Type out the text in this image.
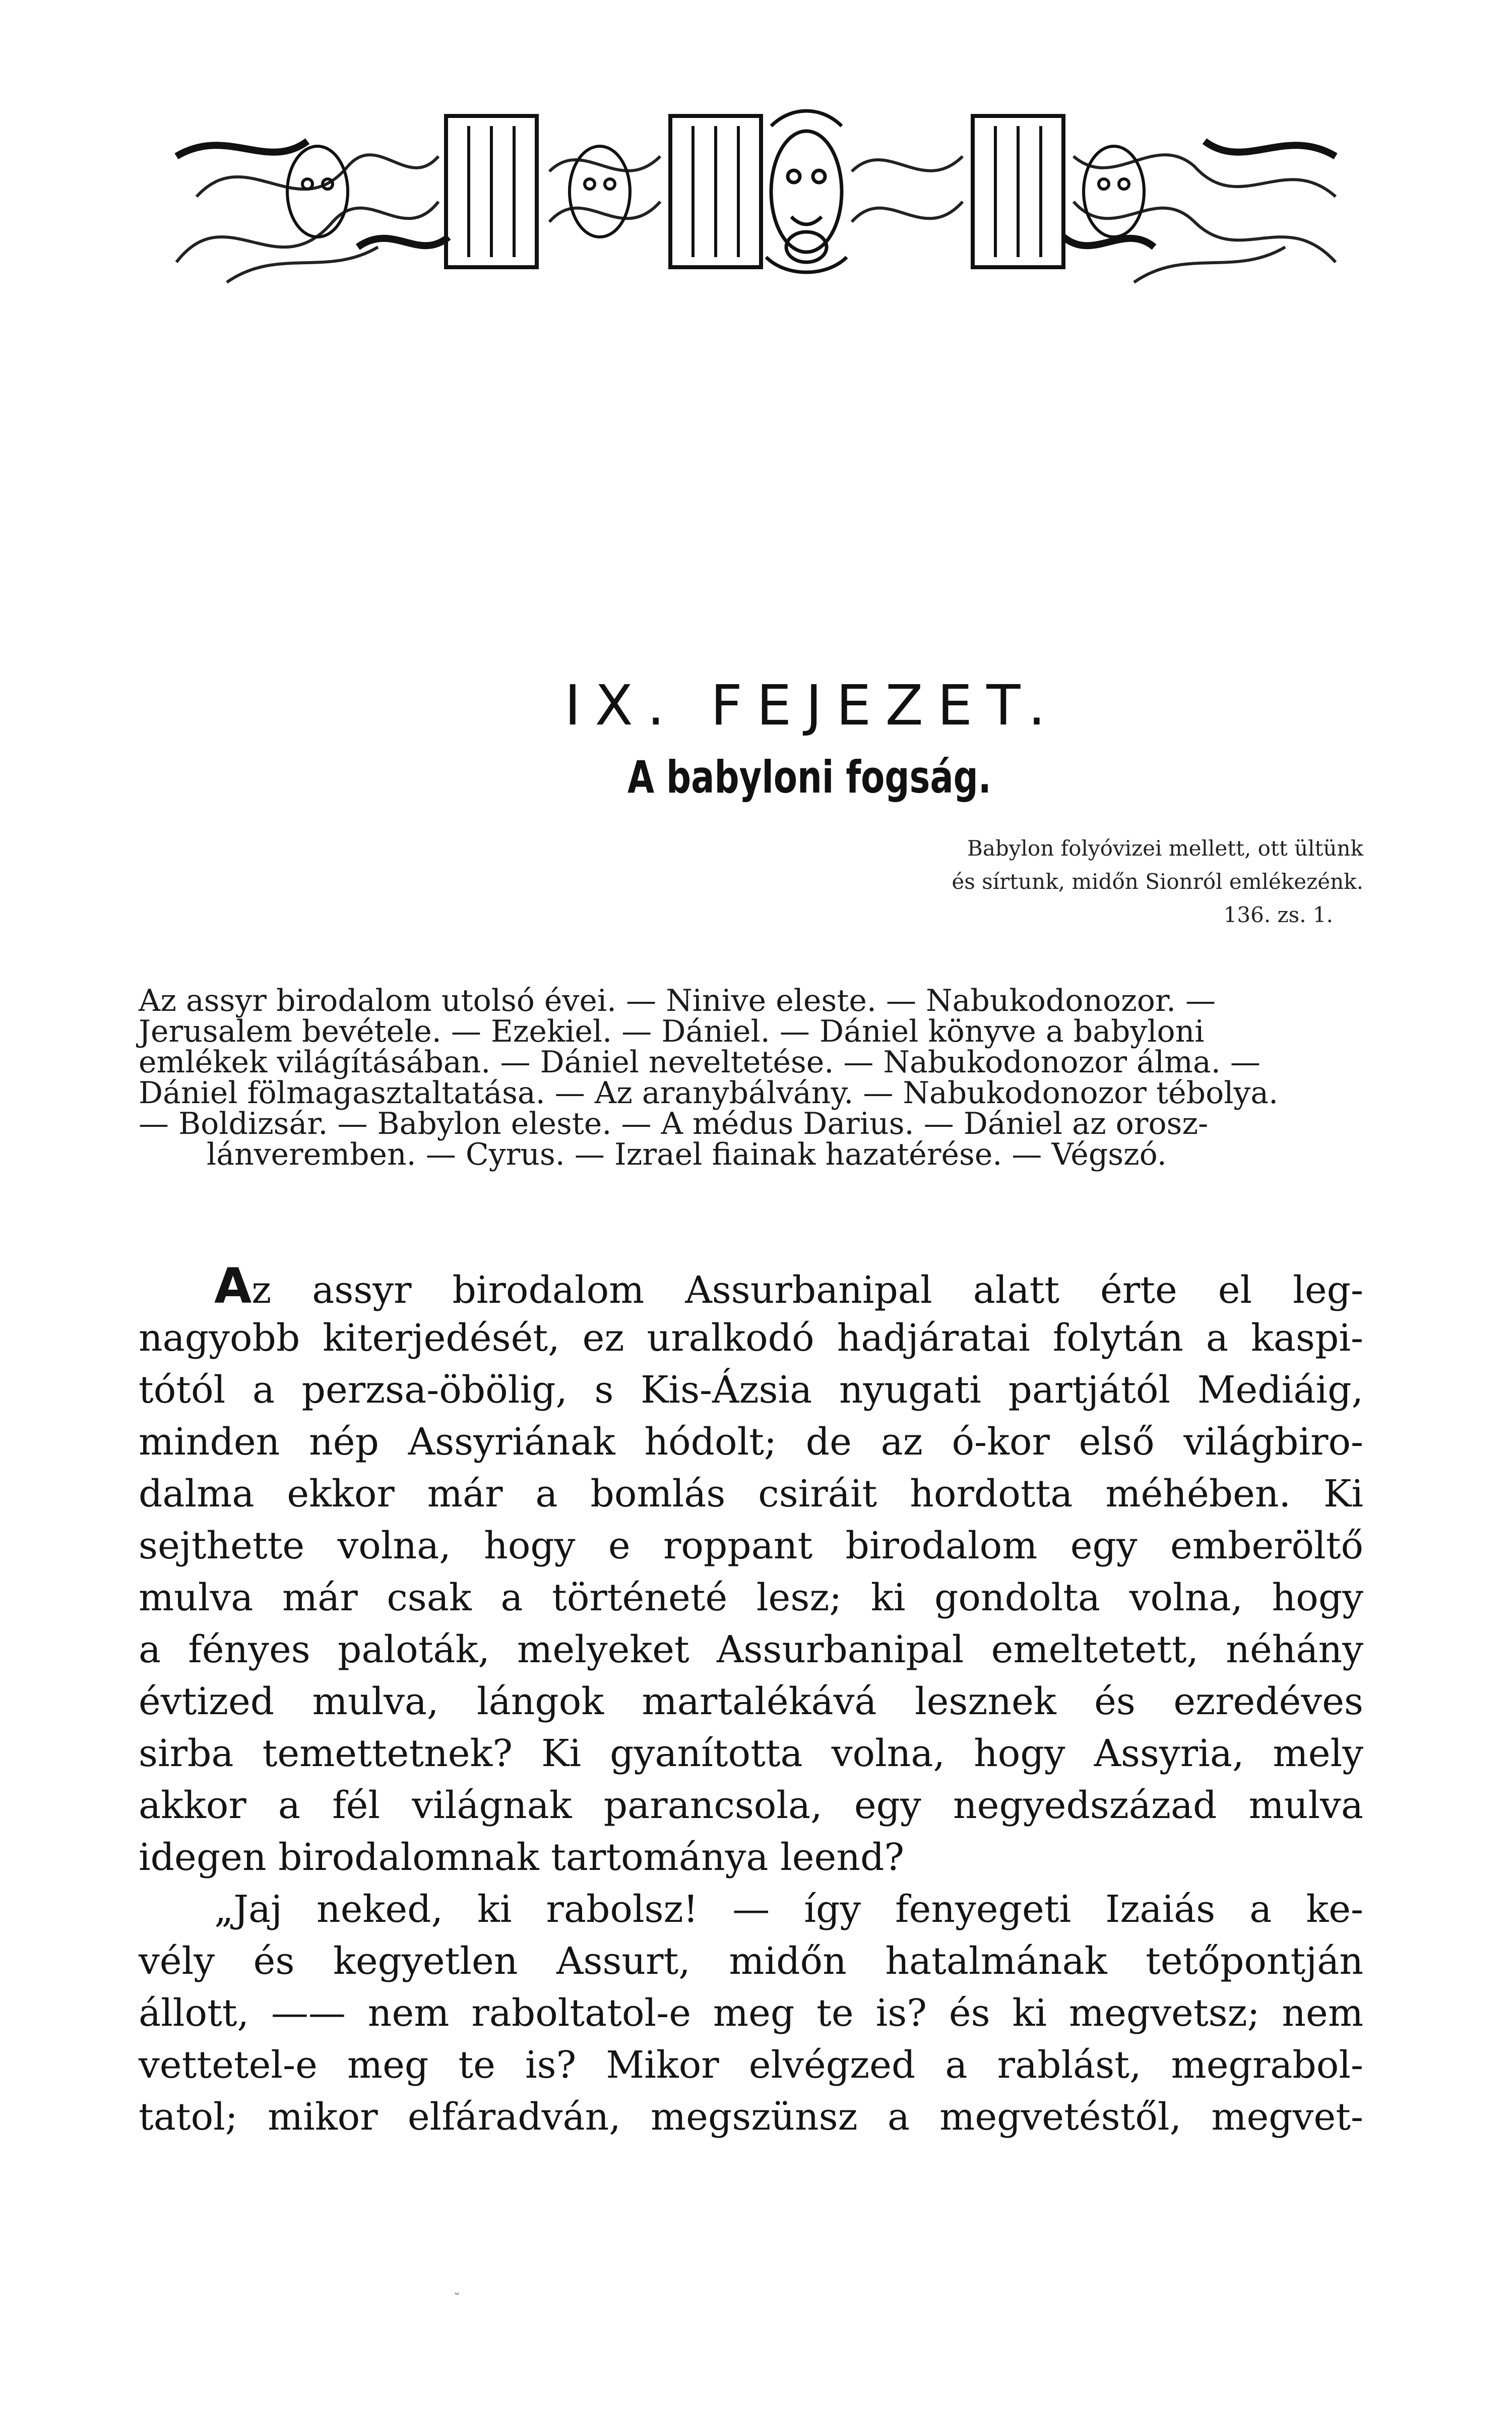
IX. FEJEZET.
A babyloni fogság.
Babylon folyóvizei mellett, ott ültünk
és sírtunk, midőn Sionról emlékezénk.
136. zs. 1.
Az assyr birodalom utolsó évei. — Ninive eleste. — Nabukodonozor. —
Jerusalem bevétele. — Ezekiel. — Dániel. — Dániel könyve a babyloni
emlékek világításában. — Dániel neveltetése. — Nabukodonozor álma. —
Dániel fölmagasztaltatása. — Az aranybálvány. — Nabukodonozor tébolya.
— Boldizsár. — Babylon eleste. — A médus Darius. — Dániel az orosz-
lánveremben. — Cyrus. — Izrael fiainak hazatérése. — Végszó.
Az assyr birodalom Assurbanipal alatt érte el leg-
nagyobb kiterjedését, ez uralkodó hadjáratai folytán a kaspi-
tótól a perzsa-öbölig, s Kis-Ázsia nyugati partjától Mediáig,
minden nép Assyriának hódolt; de az ó-kor első világbiro-
dalma ekkor már a bomlás csiráit hordotta méhében. Ki
sejthette volna, hogy e roppant birodalom egy emberöltő
mulva már csak a történeté lesz; ki gondolta volna, hogy
a fényes paloták, melyeket Assurbanipal emeltetett, néhány
évtized mulva, lángok martalékává lesznek és ezredéves
sirba temettetnek? Ki gyanította volna, hogy Assyria, mely
akkor a fél világnak parancsola, egy negyedszázad mulva
idegen birodalomnak tartománya leend?
„Jaj neked, ki rabolsz! — így fenyegeti Izaiás a ke-
vély és kegyetlen Assurt, midőn hatalmának tetőpontján
állott, —— nem raboltatol-e meg te is? és ki megvetsz; nem
vettetel-e meg te is? Mikor elvégzed a rablást, megrabol-
tatol; mikor elfáradván, megszünsz a megvetéstől, megvet-
˘
